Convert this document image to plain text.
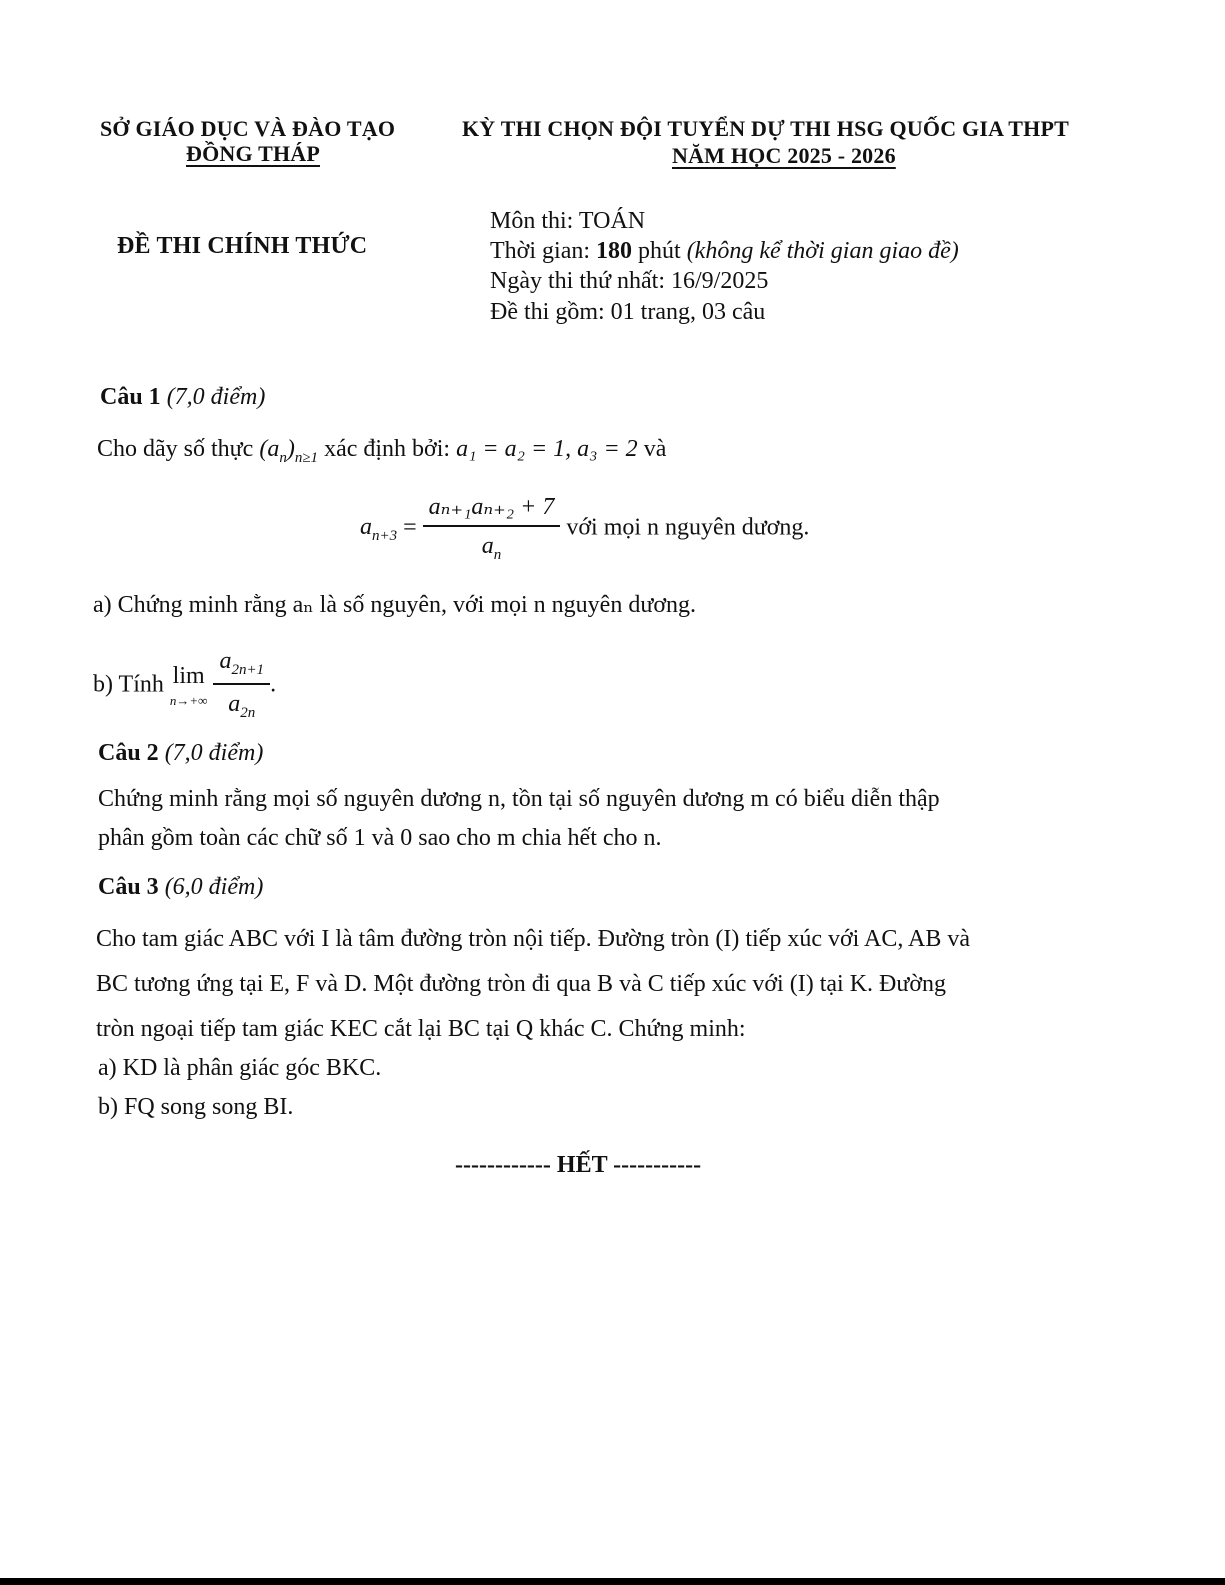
SỞ GIÁO DỤC VÀ ĐÀO TẠO
ĐỒNG THÁP
KỲ THI CHỌN ĐỘI TUYỂN DỰ THI HSG QUỐC GIA THPT
NĂM HỌC 2025 - 2026
ĐỀ THI CHÍNH THỨC
Môn thi: TOÁN
Thời gian: 180 phút (không kể thời gian giao đề)
Ngày thi thứ nhất: 16/9/2025
Đề thi gồm: 01 trang, 03 câu
Câu 1 (7,0 điểm)
Cho dãy số thực $(a_n)_{n\ge 1}$ xác định bởi: a₁ = a₂ = 1, a₃ = 2 và
$a_{n+3} = \frac{\text{aₙ₊₁aₙ₊₂ + 7}}{a_n}$ với mọi n nguyên dương.
a) Chứng minh rằng aₙ là số nguyên, với mọi n nguyên dương.
b) Tính lim
n→+∞
$\frac{a_{2n+1}}{a_{2n}}$ .
Câu 2 (7,0 điểm)
Chứng minh rằng mọi số nguyên dương n, tồn tại số nguyên dương m có biểu diễn thập
phân gồm toàn các chữ số 1 và 0 sao cho m chia hết cho n.
Câu 3 (6,0 điểm)
Cho tam giác ABC với I là tâm đường tròn nội tiếp. Đường tròn (I) tiếp xúc với AC, AB và
BC tương ứng tại E, F và D. Một đường tròn đi qua B và C tiếp xúc với (I) tại K. Đường
tròn ngoại tiếp tam giác KEC cắt lại BC tại Q khác C. Chứng minh:
a) KD là phân giác góc BKC.
b) FQ song song BI.
------------ HẾT -----------
